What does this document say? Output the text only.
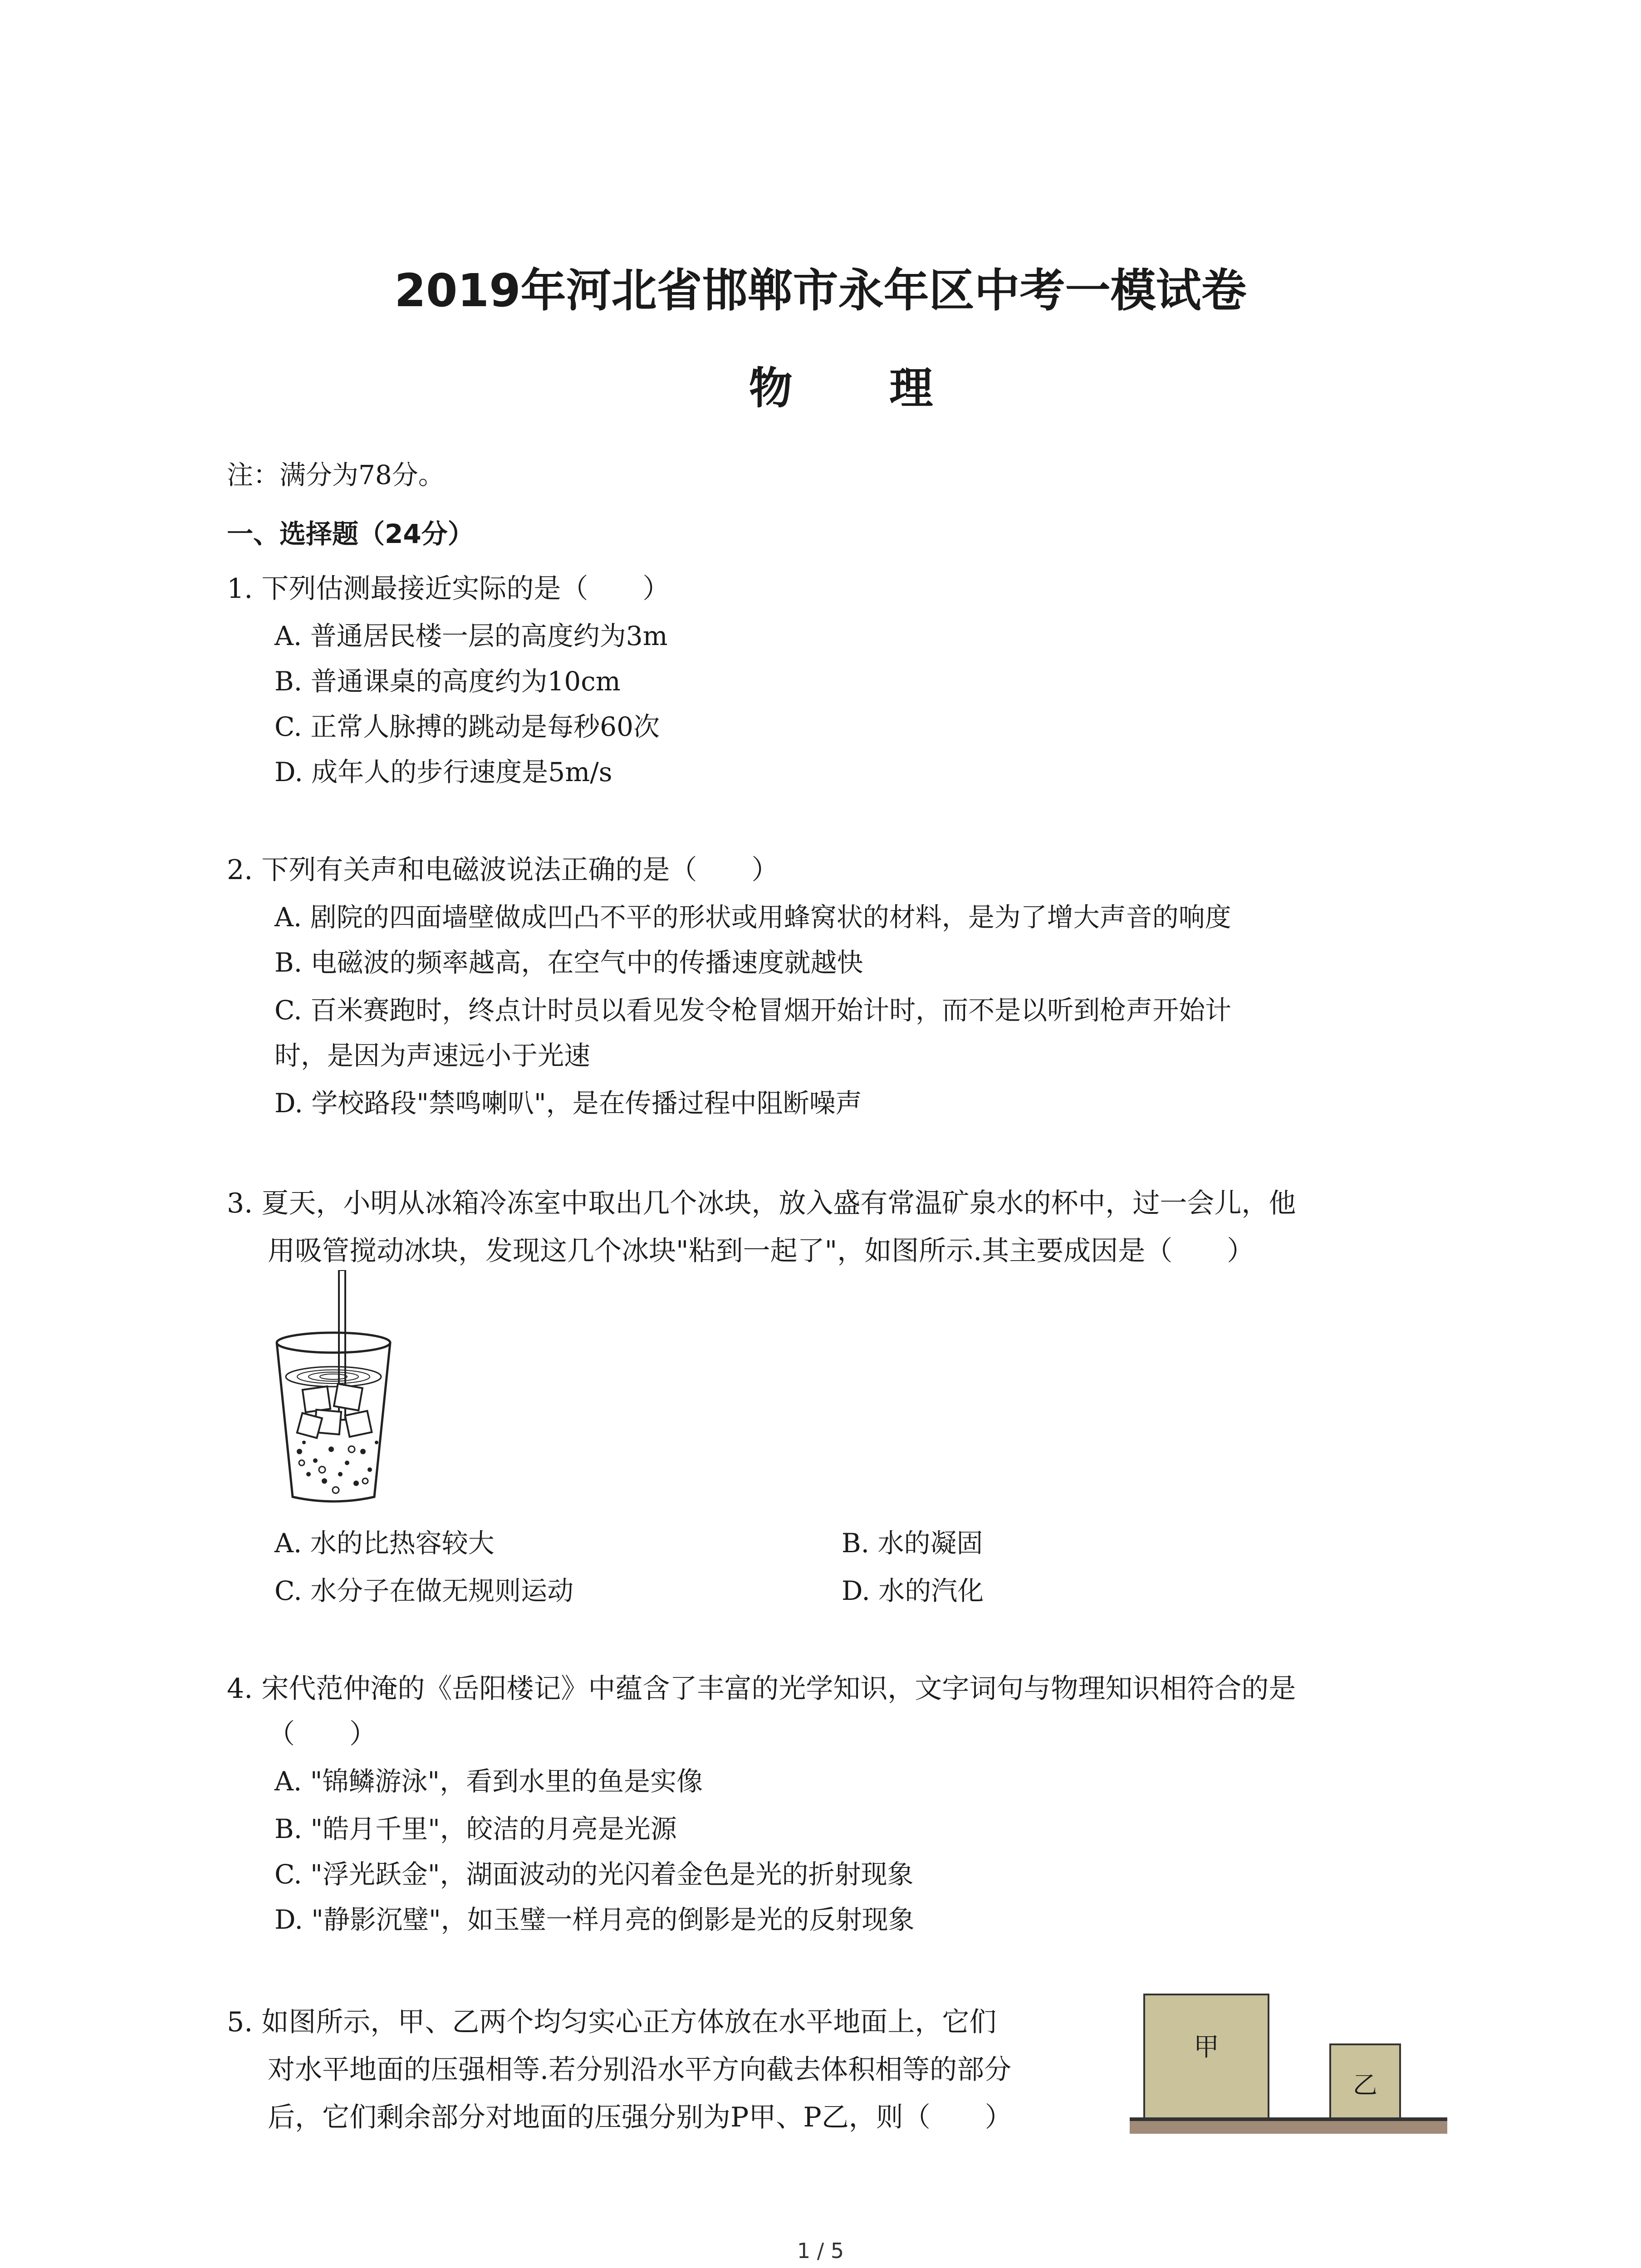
2019年河北省邯郸市永年区中考一模试卷
物 理
注：满分为78分。
一、选择题（24分）
1. 下列估测最接近实际的是（　　）
A. 普通居民楼一层的高度约为3m
B. 普通课桌的高度约为10cm
C. 正常人脉搏的跳动是每秒60次
D. 成年人的步行速度是5m/s
2. 下列有关声和电磁波说法正确的是（　　）
A. 剧院的四面墙壁做成凹凸不平的形状或用蜂窝状的材料，是为了增大声音的响度
B. 电磁波的频率越高，在空气中的传播速度就越快
C. 百米赛跑时，终点计时员以看见发令枪冒烟开始计时，而不是以听到枪声开始计
时，是因为声速远小于光速
D. 学校路段"禁鸣喇叭"，是在传播过程中阻断噪声
3. 夏天，小明从冰箱冷冻室中取出几个冰块，放入盛有常温矿泉水的杯中，过一会儿，他
用吸管搅动冰块，发现这几个冰块"粘到一起了"，如图所示.其主要成因是（　　）
A. 水的比热容较大	B. 水的凝固
C. 水分子在做无规则运动	D. 水的汽化
4. 宋代范仲淹的《岳阳楼记》中蕴含了丰富的光学知识，文字词句与物理知识相符合的是
（　　）
A. "锦鳞游泳"，看到水里的鱼是实像
B. "皓月千里"，皎洁的月亮是光源
C. "浮光跃金"，湖面波动的光闪着金色是光的折射现象
D. "静影沉璧"，如玉璧一样月亮的倒影是光的反射现象
5. 如图所示，甲、乙两个均匀实心正方体放在水平地面上，它们
对水平地面的压强相等.若分别沿水平方向截去体积相等的部分
后，它们剩余部分对地面的压强分别为P甲、P乙，则（　　）
甲
乙
1 / 5
